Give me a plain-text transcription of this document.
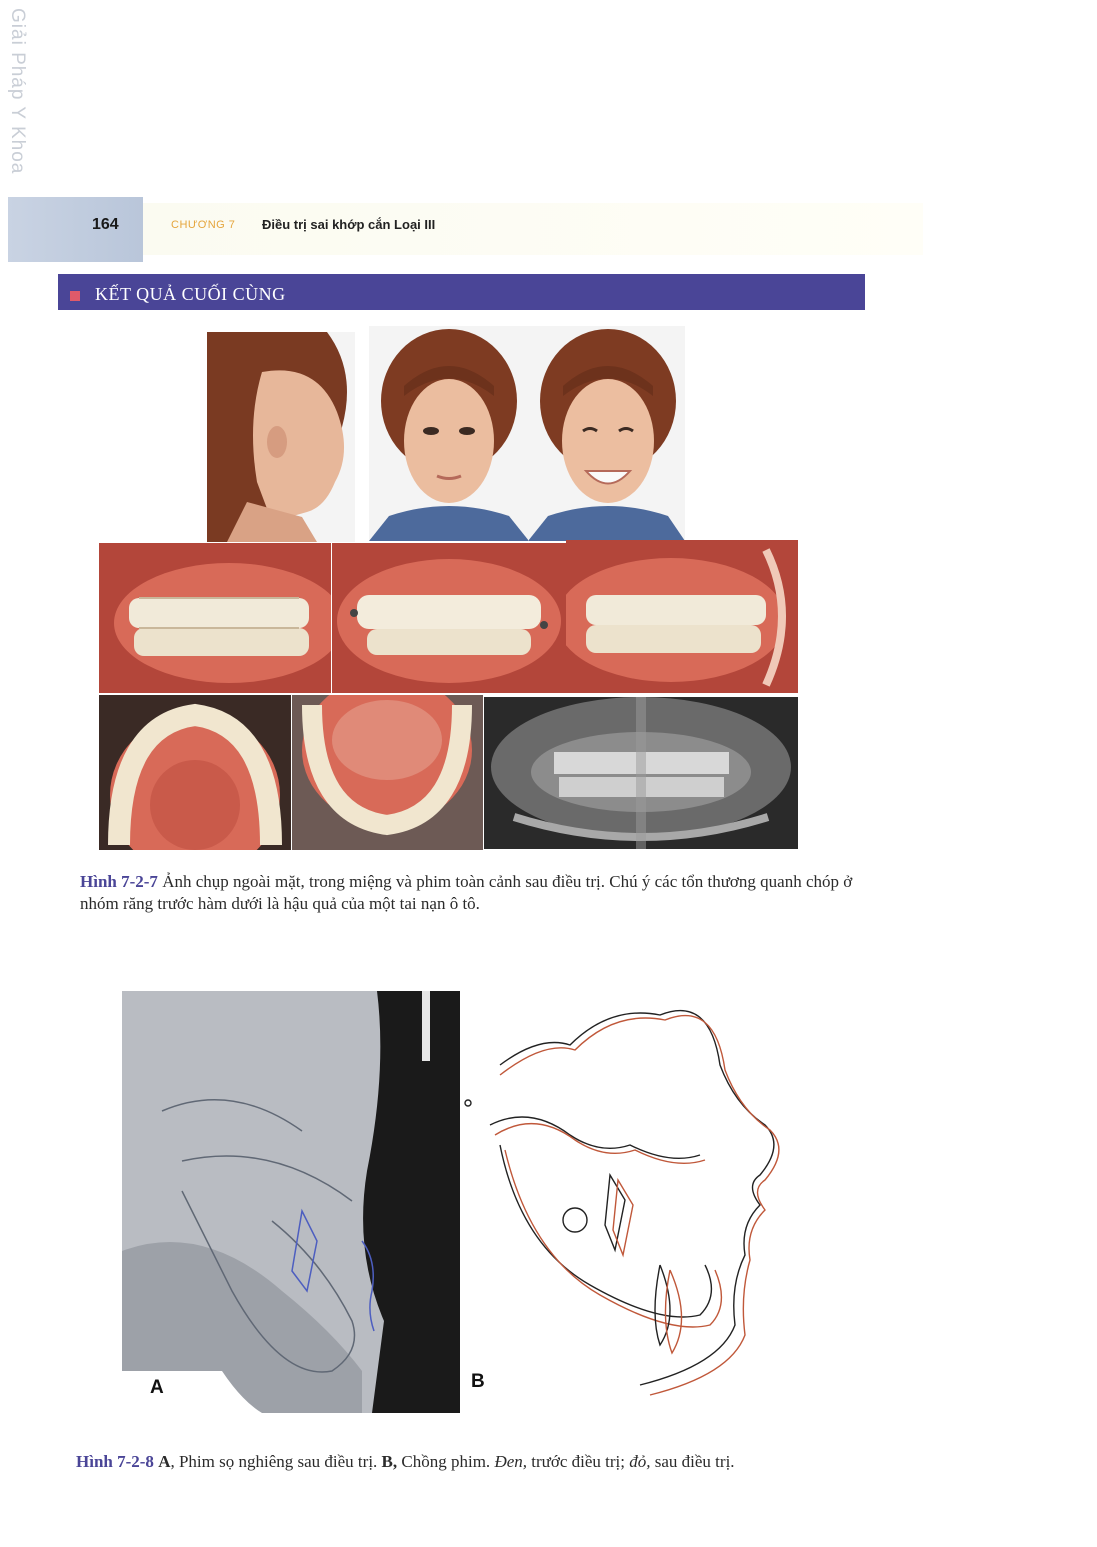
Giải Pháp Y Khoa
164	CHƯƠNG 7 Điều trị sai khớp cắn Loại III
KẾT QUẢ CUỐI CÙNG
Hình 7-2-7 Ảnh chụp ngoài mặt, trong miệng và phim toàn cảnh sau điều trị. Chú ý các tổn thương quanh chóp ở nhóm răng trước hàm dưới là hậu quả của một tai nạn ô tô.
A	B
Hình 7-2-8 A, Phim sọ nghiêng sau điều trị. B, Chồng phim. Đen, trước điều trị; đỏ, sau điều trị.
